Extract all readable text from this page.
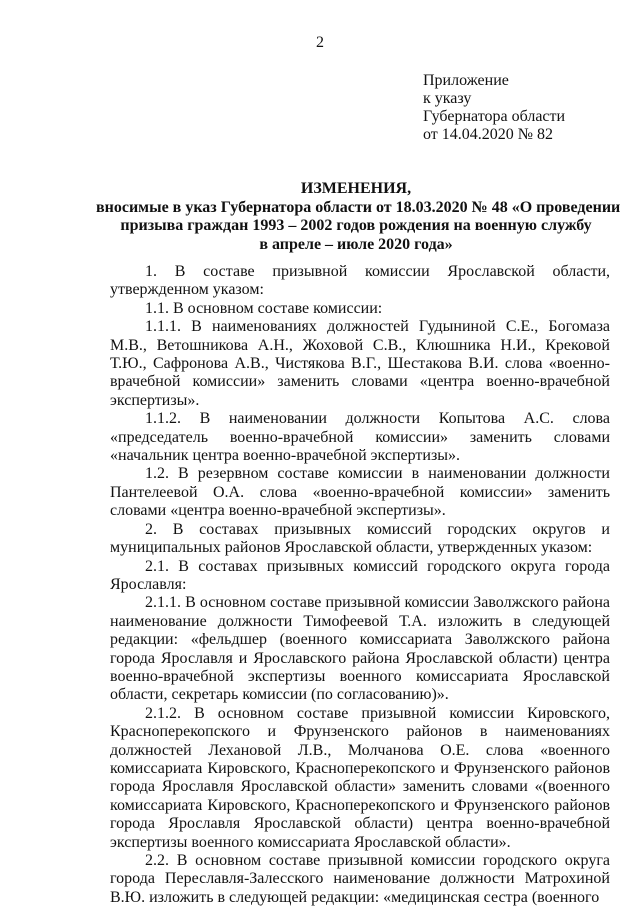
2
Приложение
к указу
Губернатора области
от 14.04.2020 № 82
ИЗМЕНЕНИЯ,
вносимые в указ Губернатора области от 18.03.2020 № 48 «О проведении
призыва граждан 1993 – 2002 годов рождения на военную службу
в апреле – июле 2020 года»

1. В составе призывной комиссии Ярославской области, утвержденном указом:

1.1. В основном составе комиссии:

1.1.1. В наименованиях должностей Гудыниной С.Е., Богомаза М.В., Ветошникова А.Н., Жоховой С.В., Клюшника Н.И., Крековой Т.Ю., Сафронова А.В., Чистякова В.Г., Шестакова В.И. слова «военно-врачебной комиссии» заменить словами «центра военно-врачебной экспертизы».

1.1.2. В наименовании должности Копытова А.С. слова «председатель военно-врачебной комиссии» заменить словами «начальник центра военно-врачебной экспертизы».

1.2. В резервном составе комиссии в наименовании должности Пантелеевой О.А. слова «военно-врачебной комиссии» заменить словами «центра военно-врачебной экспертизы».

2. В составах призывных комиссий городских округов и муниципальных районов Ярославской области, утвержденных указом:

2.1. В составах призывных комиссий городского округа города Ярославля:

2.1.1. В основном составе призывной комиссии Заволжского района наименование должности Тимофеевой Т.А. изложить в следующей редакции: «фельдшер (военного комиссариата Заволжского района города Ярославля и Ярославского района Ярославской области) центра военно-врачебной экспертизы военного комиссариата Ярославской области, секретарь комиссии (по согласованию)».

2.1.2. В основном составе призывной комиссии Кировского, Красноперекопского и Фрунзенского районов в наименованиях должностей Лехановой Л.В., Молчанова О.Е. слова «военного комиссариата Кировского, Красноперекопского и Фрунзенского районов города Ярославля Ярославской области» заменить словами «(военного комиссариата Кировского, Красноперекопского и Фрунзенского районов города Ярославля Ярославской области) центра военно-врачебной экспертизы военного комиссариата Ярославской области».

2.2. В основном составе призывной комиссии городского округа города Переславля-Залесского наименование должности Матрохиной В.Ю. изложить в следующей редакции: «медицинская сестра (военного
